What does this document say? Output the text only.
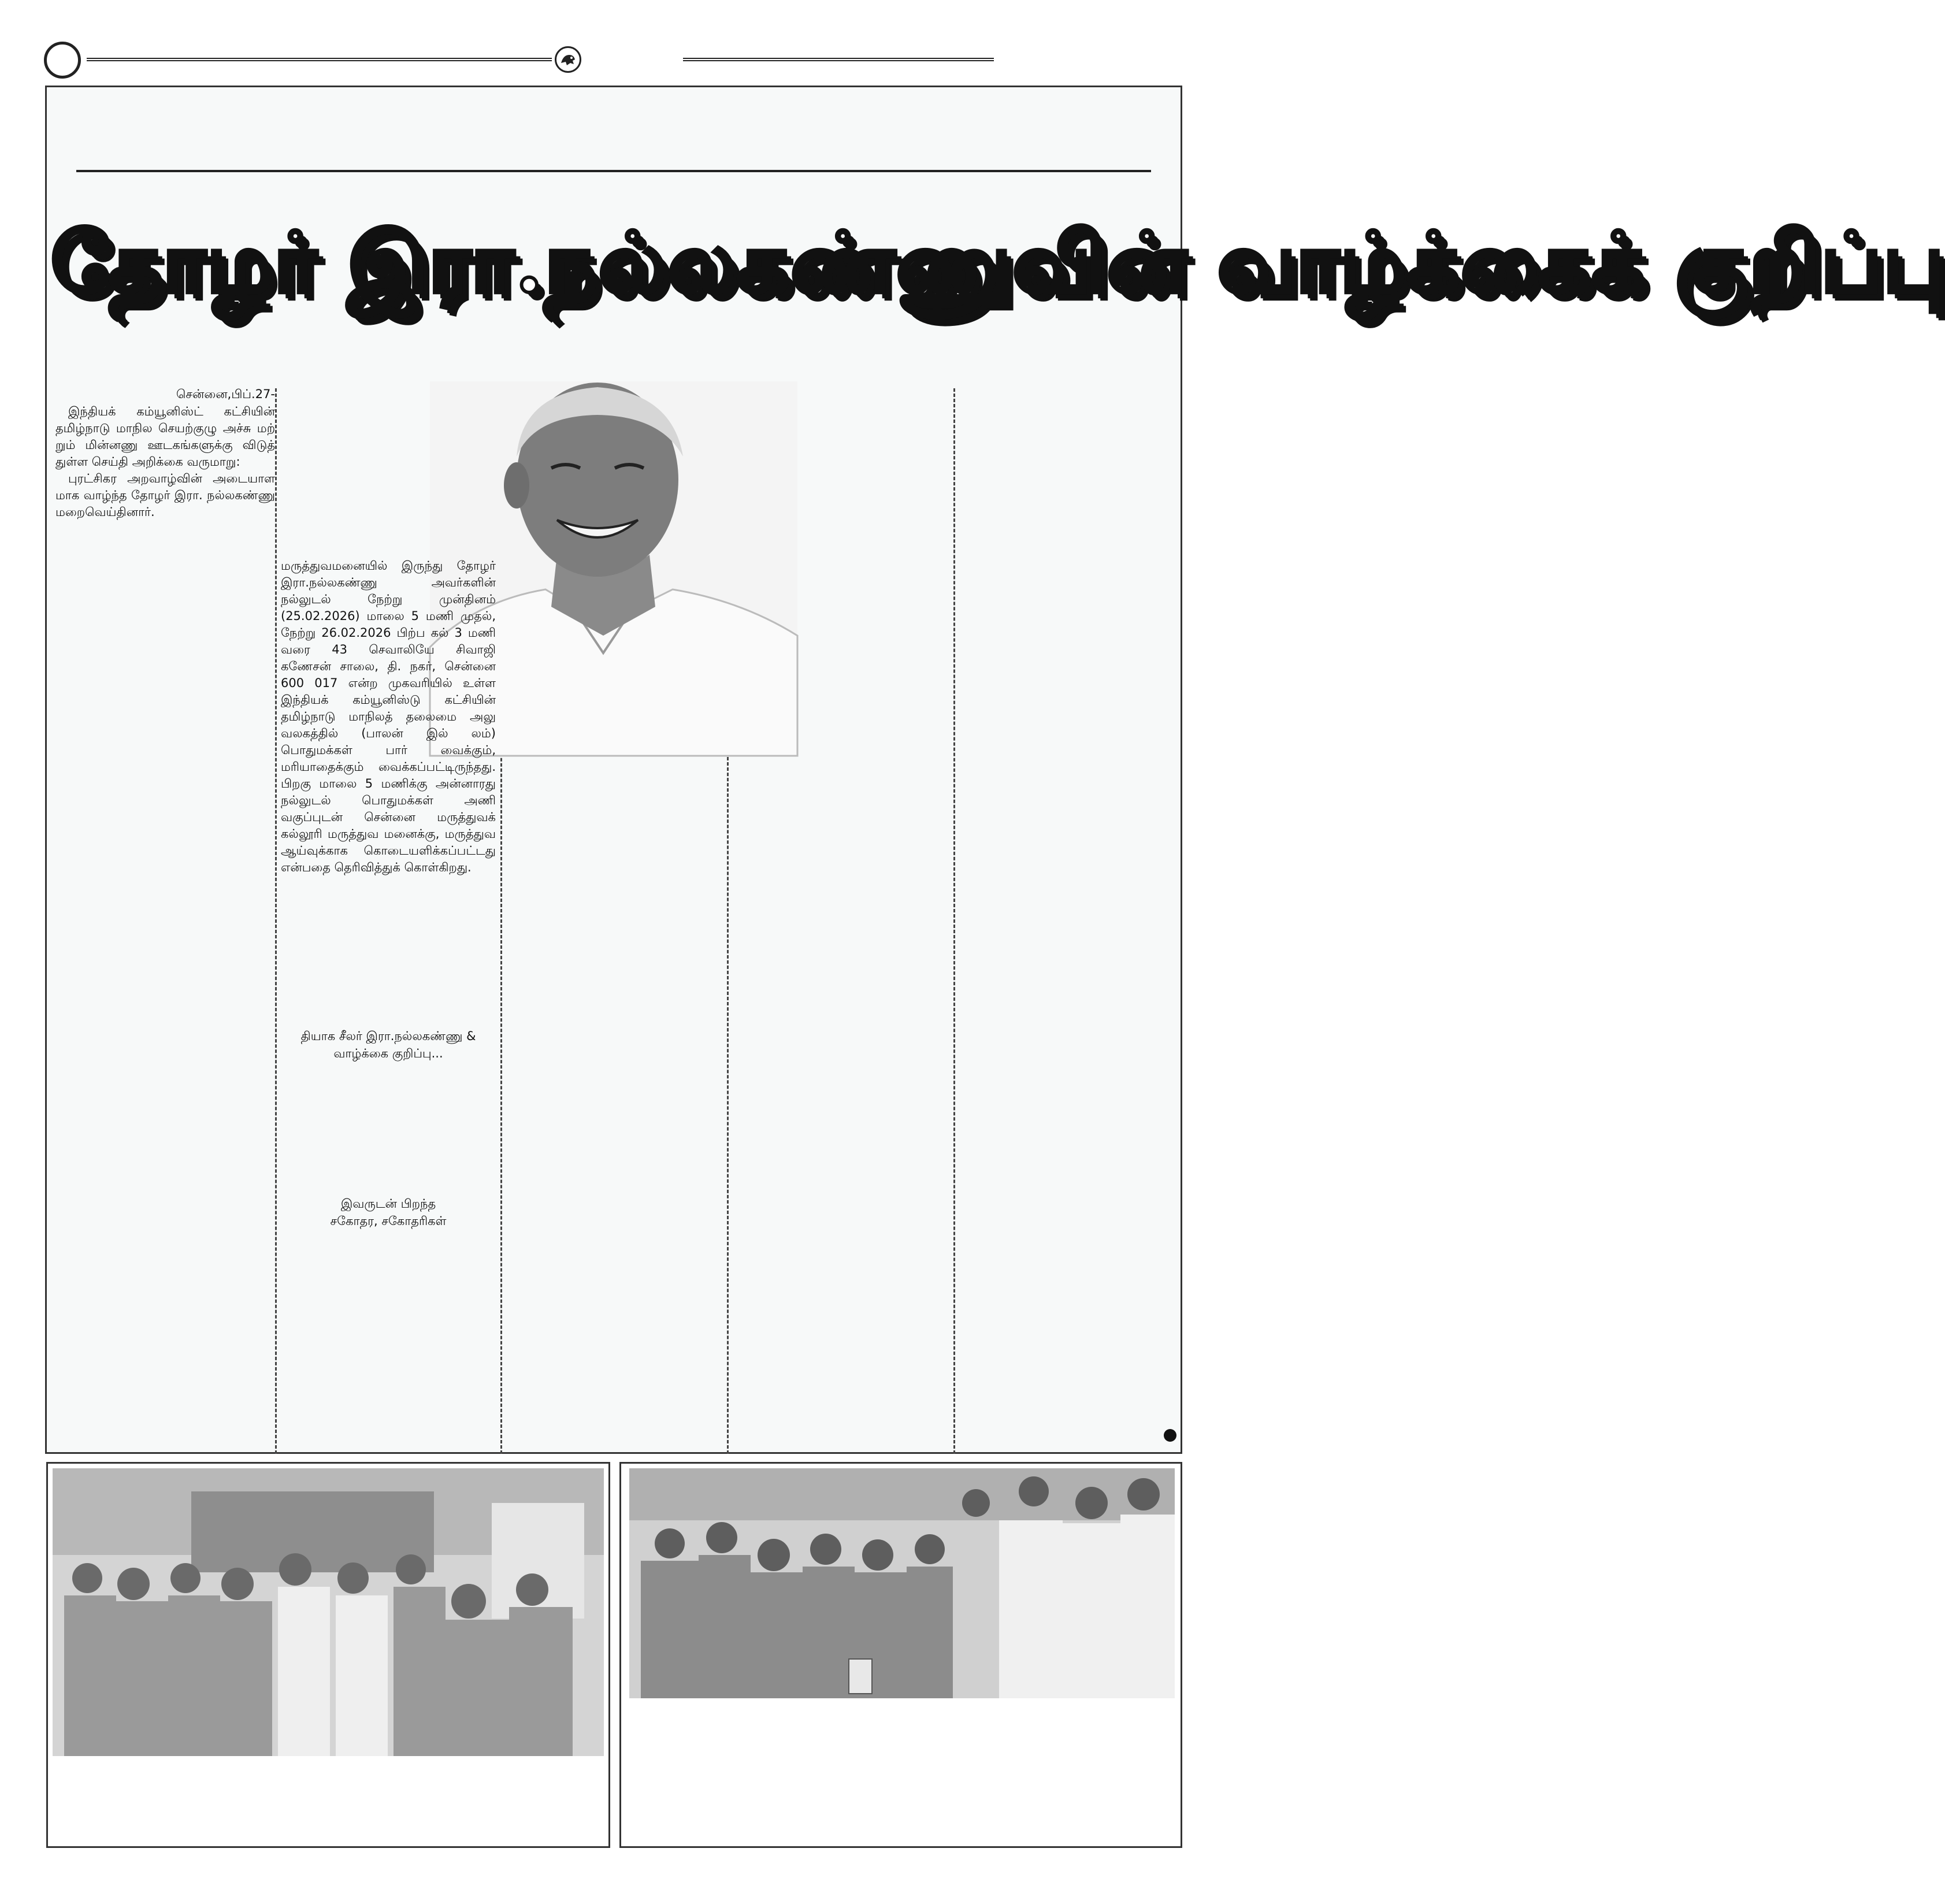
தோழர் இரா.நல்லகண்ணுவின் வாழ்க்கைக் குறிப்பு
சென்னை,பிப்.27-

இந்தியக் கம்யூனிஸ்ட் கட்சியின் தமிழ்நாடு மாநில செயற்குழு அச்சு மற் றும் மின்னணு ஊடகங்களுக்கு விடுத் துள்ள செய்தி அறிக்கை வருமாறு:

புரட்சிகர அறவாழ்வின் அடையாள மாக வாழ்ந்த தோழர் இரா. நல்லகண்ணு மறைவெய்தினார்.

மருத்துவமனையில் இருந்து தோழர் இரா.நல்லகண்ணு அவர்களின் நல்லுடல் நேற்று முன்தினம் (25.02.2026) மாலை 5 மணி முதல், நேற்று 26.02.2026 பிற்ப கல் 3 மணி வரை 43 செவாலியே சிவாஜி கணேசன் சாலை, தி. நகர், சென்னை 600 017 என்ற முகவரியில் உள்ள இந்தியக் கம்யூனிஸ்டு கட்சியின் தமிழ்நாடு மாநிலத் தலைமை அலு வலகத்தில் (பாலன் இல் லம்) பொதுமக்கள் பார் வைக்கும், மரியாதைக்கும் வைக்கப்பட்டிருந்தது. பிறகு மாலை 5 மணிக்கு அன்னாரது நல்லுடல் பொதுமக்கள் அணி வகுப்புடன் சென்னை மருத்துவக் கல்லூரி மருத்துவ மனைக்கு, மருத்துவ ஆய்வுக்காக கொடையளிக்கப்பட்டது என்பதை தெரிவித்துக் கொள்கிறது.
தியாக சீலர் இரா.நல்லகண்ணு &
வாழ்க்கை குறிப்பு...
இவருடன் பிறந்த
சகோதர, சகோதரிகள்
